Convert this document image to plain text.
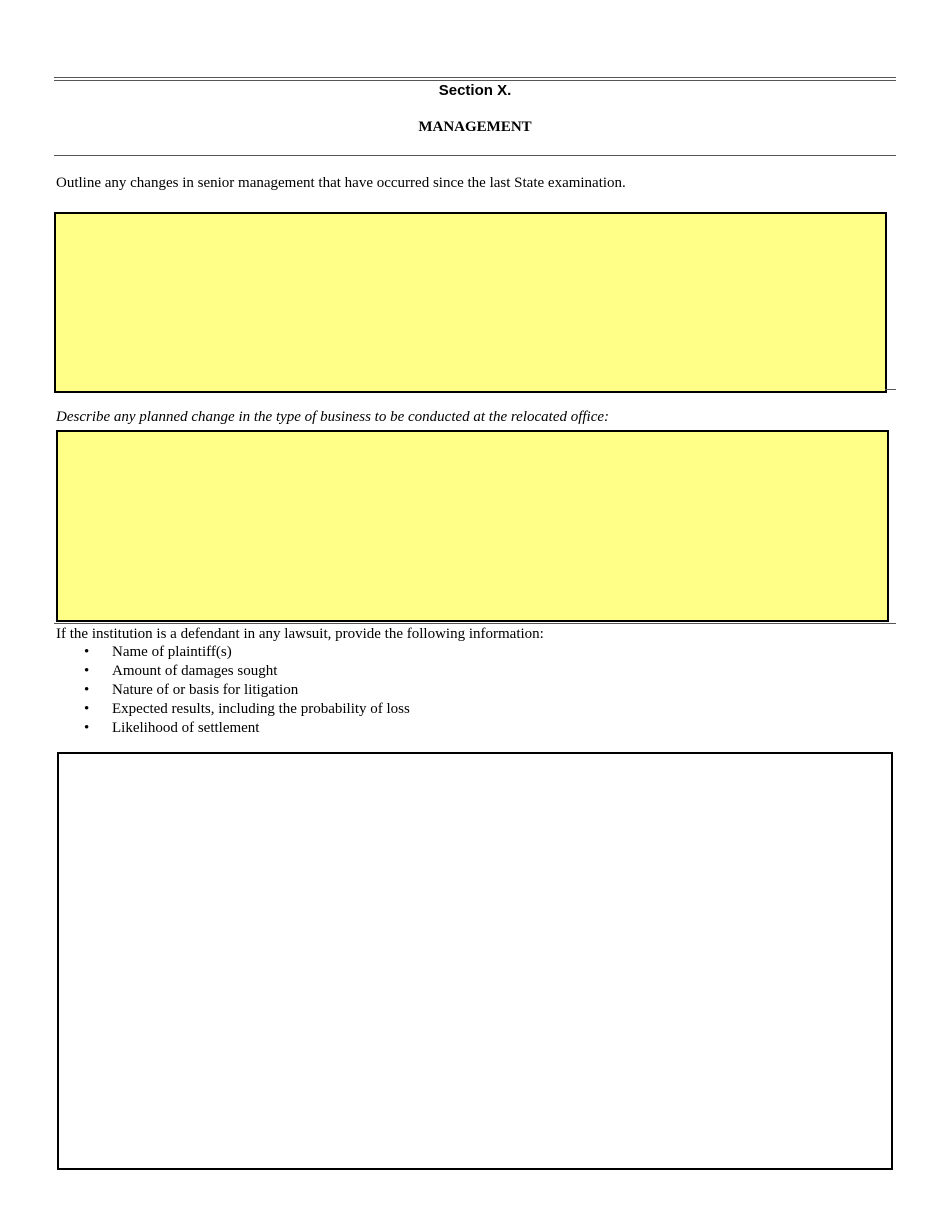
Section X.
MANAGEMENT
Outline any changes in senior management that have occurred since the last State examination.
Describe any planned change in the type of business to be conducted at the relocated office:
If the institution is a defendant in any lawsuit, provide the following information:
•	Name of plaintiff(s)
•	Amount of damages sought
•	Nature of or basis for litigation
•	Expected results, including the probability of loss
•	Likelihood of settlement
